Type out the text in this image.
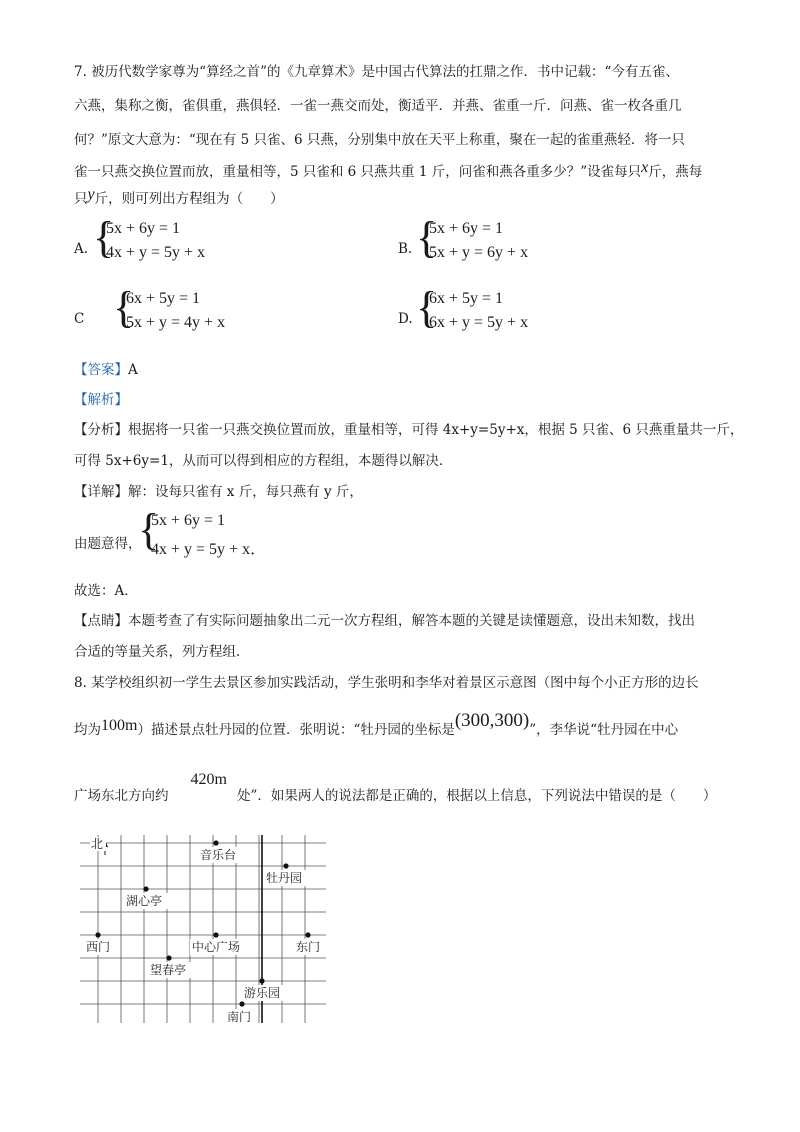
7. 被历代数学家尊为“算经之首”的《九章算术》是中国古代算法的扛鼎之作．书中记载：“今有五雀、
六燕，集称之衡，雀俱重，燕俱轻．一雀一燕交而处，衡适平．并燕、雀重一斤．问燕、雀一枚各重几
何？”原文大意为：“现在有 5 只雀、6 只燕，分别集中放在天平上称重，聚在一起的雀重燕轻．将一只
雀一只燕交换位置而放，重量相等，5 只雀和 6 只燕共重 1 斤，问雀和燕各重多少？”设雀每只x斤，燕每
只y斤，则可列出方程组为（　　）
A. {
5x + 6y = 1
4x + y = 5y + x	B. {
5x + 6y = 1
5x + y = 6y + x
C {
6x + 5y = 1
5x + y = 4y + x	D. {
6x + 5y = 1
6x + y = 5y + x
【答案】A
【解析】
【分析】根据将一只雀一只燕交换位置而放，重量相等，可得 4x+y=5y+x，根据 5 只雀、6 只燕重量共一斤，
可得 5x+6y=1，从而可以得到相应的方程组，本题得以解决．
【详解】解：设每只雀有 x 斤，每只燕有 y 斤，
由题意得，
{
5x + 6y = 1
4x + y = 5y + x．
故选：A．
【点睛】本题考查了有实际问题抽象出二元一次方程组，解答本题的关键是读懂题意，设出未知数，找出
合适的等量关系，列方程组．
8. 某学校组织初一学生去景区参加实践活动，学生张明和李华对着景区示意图（图中每个小正方形的边长
均为100m）描述景点牡丹园的位置．张明说：“牡丹园的坐标是(300,300)”，李华说“牡丹园在中心
广场东北方向约420m处”．如果两人的说法都是正确的，根据以上信息，下列说法中错误的是（　　）
北
音乐台
牡丹园
湖心亭
西门	中心广场	东门
望春亭
游乐园
南门
